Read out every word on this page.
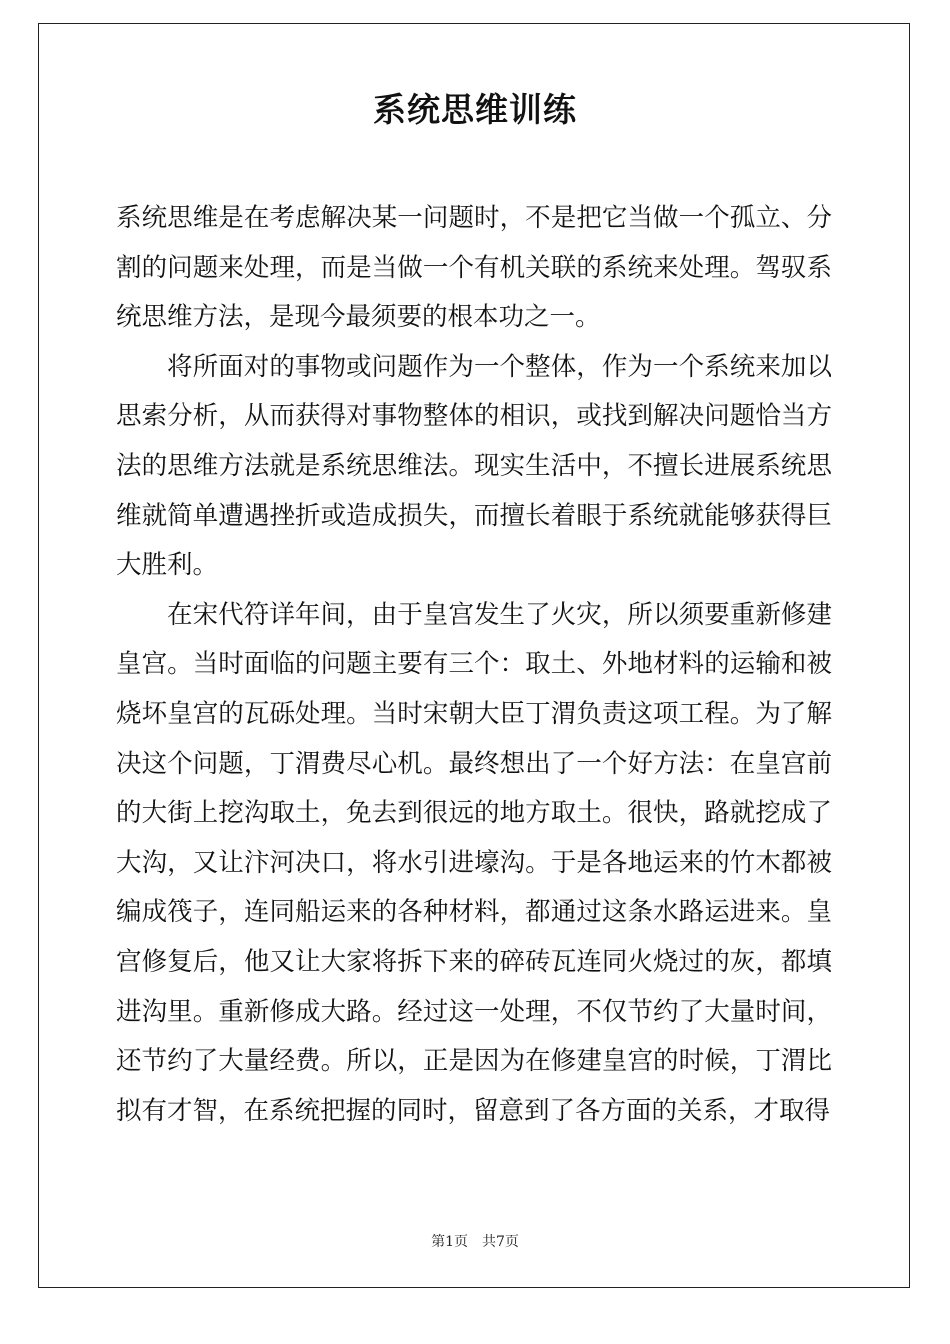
系统思维训练

系统思维是在考虑解决某一问题时，不是把它当做一个孤立、分割的问题来处理，而是当做一个有机关联的系统来处理。驾驭系统思维方法，是现今最须要的根本功之一。

将所面对的事物或问题作为一个整体，作为一个系统来加以思索分析，从而获得对事物整体的相识，或找到解决问题恰当方法的思维方法就是系统思维法。现实生活中，不擅长进展系统思维就简单遭遇挫折或造成损失，而擅长着眼于系统就能够获得巨大胜利。

在宋代符详年间，由于皇宫发生了火灾，所以须要重新修建皇宫。当时面临的问题主要有三个：取土、外地材料的运输和被烧坏皇宫的瓦砾处理。当时宋朝大臣丁渭负责这项工程。为了解决这个问题，丁渭费尽心机。最终想出了一个好方法：在皇宫前的大街上挖沟取土，免去到很远的地方取土。很快，路就挖成了大沟，又让汴河决口，将水引进壕沟。于是各地运来的竹木都被编成筏子，连同船运来的各种材料，都通过这条水路运进来。皇宫修复后，他又让大家将拆下来的碎砖瓦连同火烧过的灰，都填进沟里。重新修成大路。经过这一处理，不仅节约了大量时间，还节约了大量经费。所以，正是因为在修建皇宫的时候，丁渭比拟有才智，在系统把握的同时，留意到了各方面的关系，才取得

第1页 共7页
